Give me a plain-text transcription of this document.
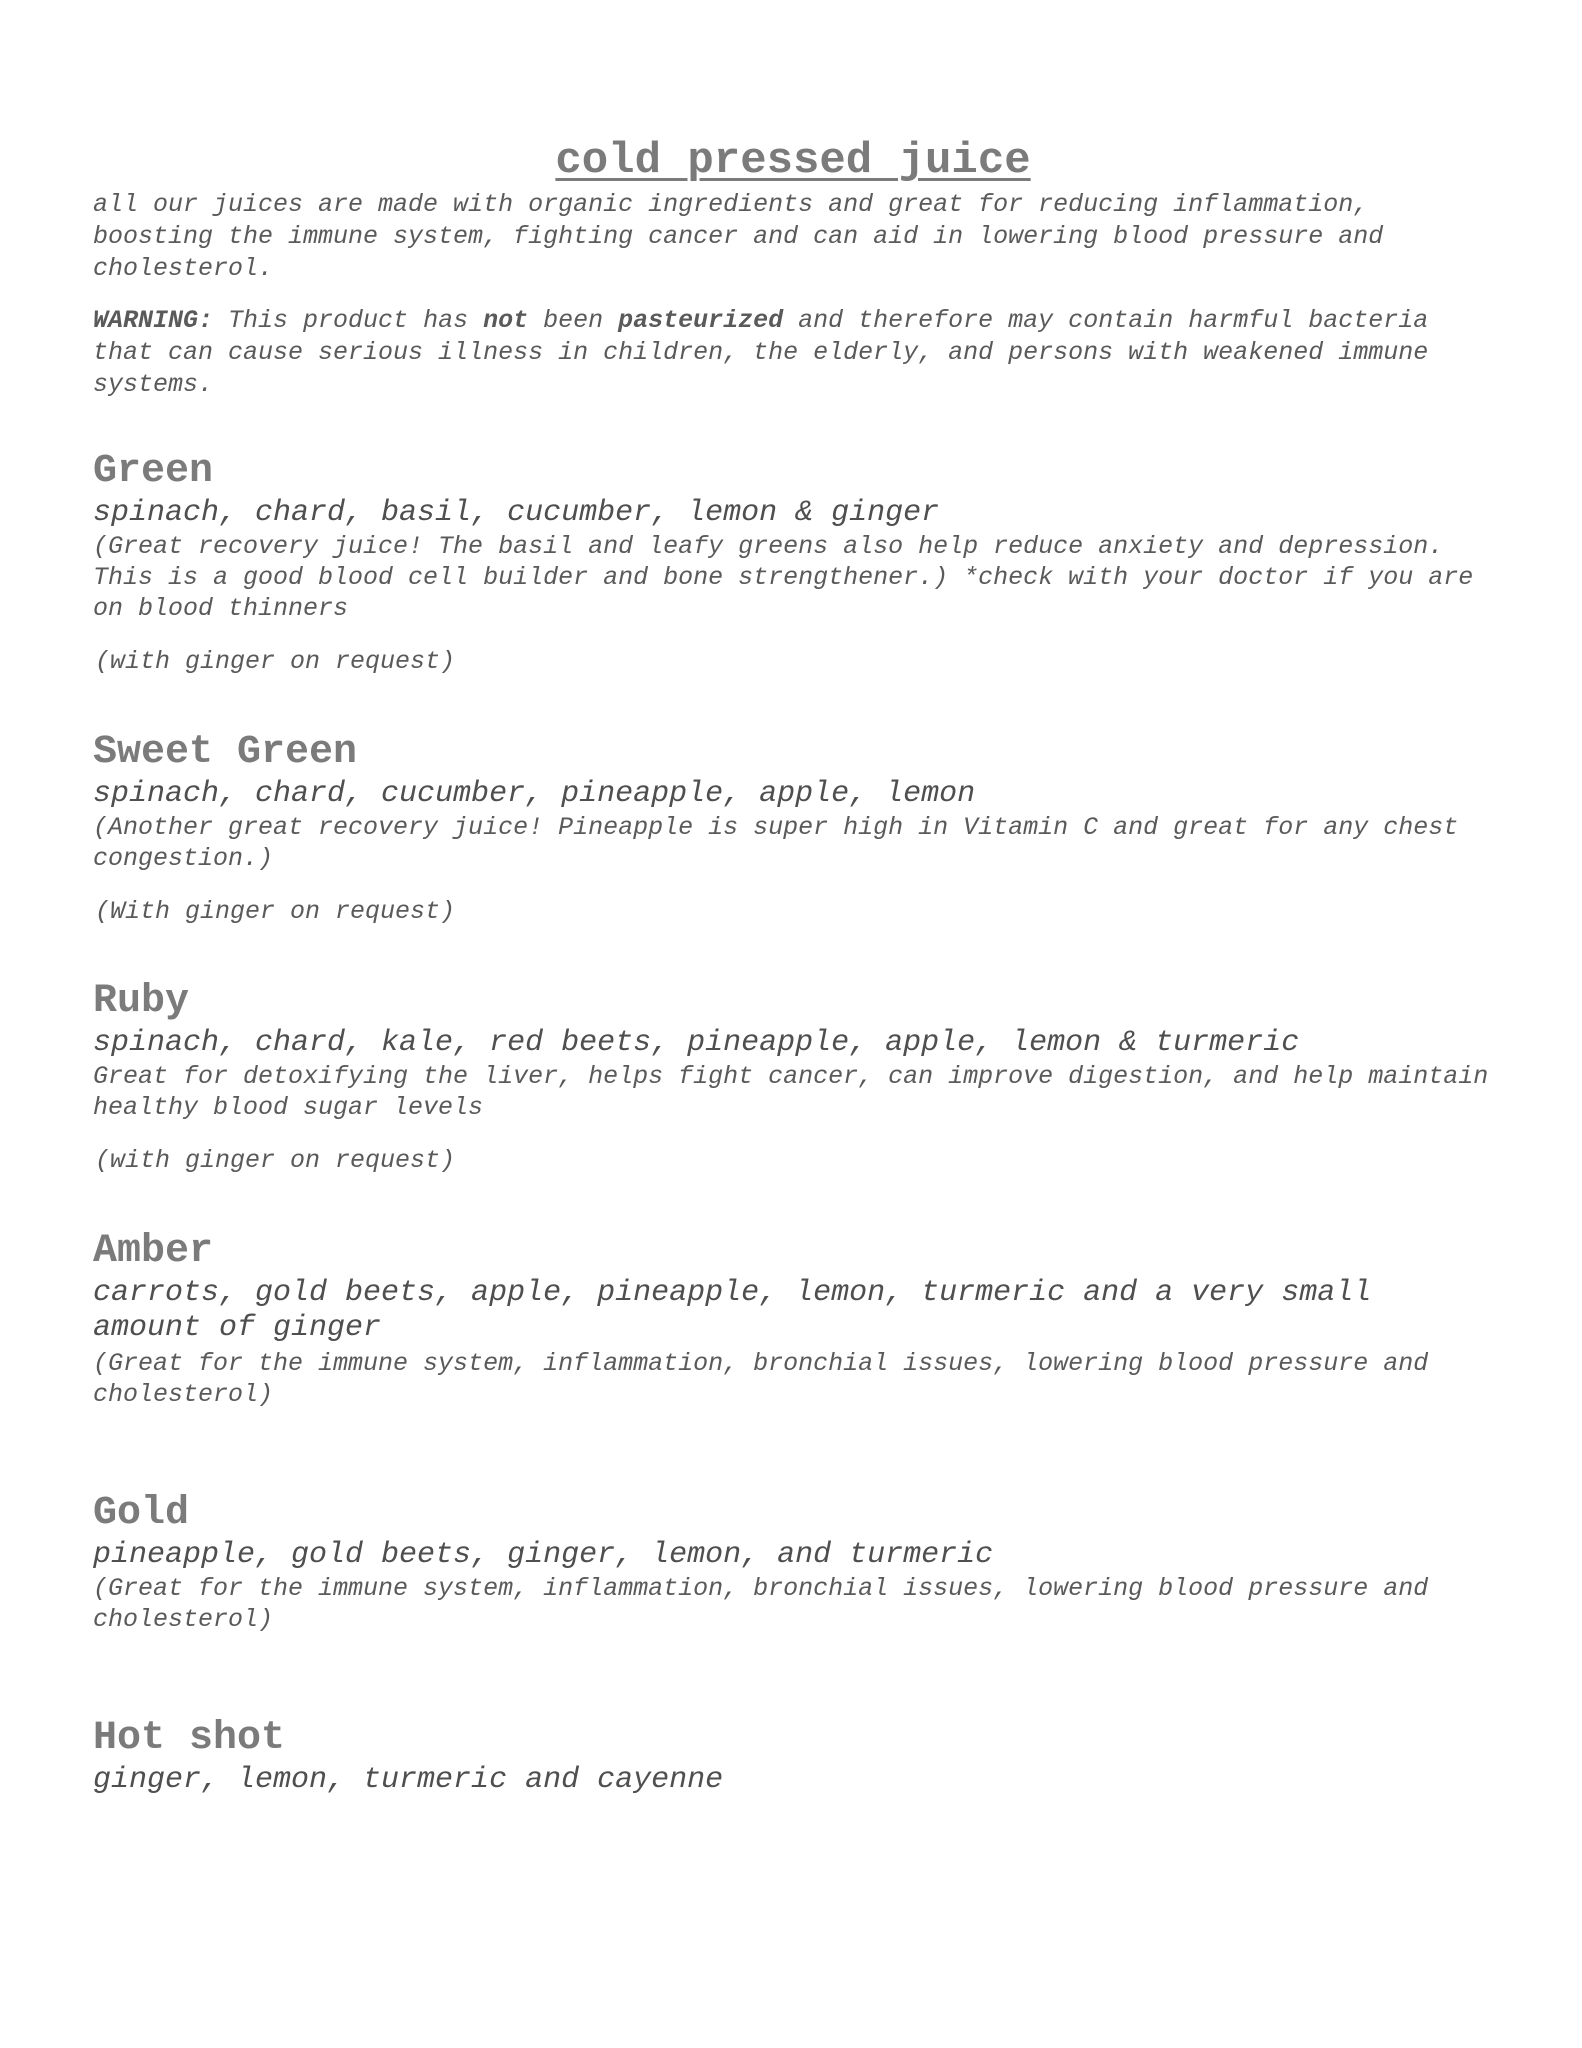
cold pressed juice

all our juices are made with organic ingredients and great for reducing inflammation, boosting the immune system, fighting cancer and can aid in lowering blood pressure and cholesterol.

WARNING: This product has not been pasteurized and therefore may contain harmful bacteria that can cause serious illness in children, the elderly, and persons with weakened immune systems.

Green

spinach, chard, basil, cucumber, lemon & ginger

(Great recovery juice! The basil and leafy greens also help reduce anxiety and depression. This is a good blood cell builder and bone strengthener.) *check with your doctor if you are on blood thinners

(with ginger on request)

Sweet Green

spinach, chard, cucumber, pineapple, apple, lemon

(Another great recovery juice! Pineapple is super high in Vitamin C and great for any chest congestion.)

(With ginger on request)

Ruby

spinach, chard, kale, red beets, pineapple, apple, lemon & turmeric

Great for detoxifying the liver, helps fight cancer, can improve digestion, and help maintain healthy blood sugar levels

(with ginger on request)

Amber

carrots, gold beets, apple, pineapple, lemon, turmeric and a very small amount of ginger

(Great for the immune system, inflammation, bronchial issues, lowering blood pressure and cholesterol)

Gold

pineapple, gold beets, ginger, lemon, and turmeric

(Great for the immune system, inflammation, bronchial issues, lowering blood pressure and cholesterol)

Hot shot

ginger, lemon, turmeric and cayenne
